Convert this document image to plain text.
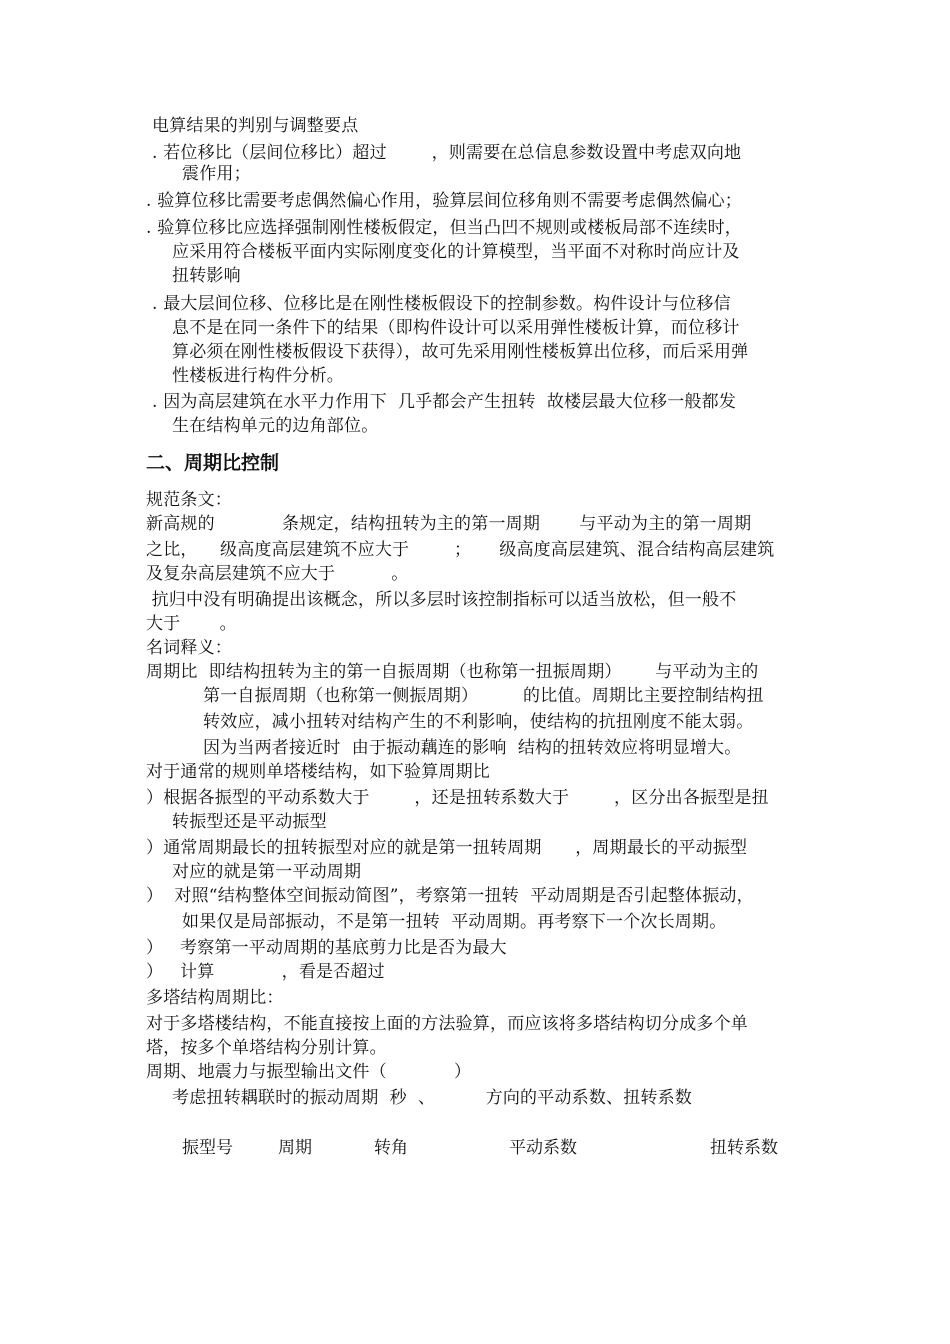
电算结果的判别与调整要点
. 若位移比（层间位移比）超过        ，则需要在总信息参数设置中考虑双向地
震作用；
. 验算位移比需要考虑偶然偏心作用，验算层间位移角则不需要考虑偶然偏心；
. 验算位移比应选择强制刚性楼板假定，但当凸凹不规则或楼板局部不连续时，
应采用符合楼板平面内实际刚度变化的计算模型，当平面不对称时尚应计及
扭转影响
. 最大层间位移、位移比是在刚性楼板假设下的控制参数。构件设计与位移信
息不是在同一条件下的结果（即构件设计可以采用弹性楼板计算，而位移计
算必须在刚性楼板假设下获得），故可先采用刚性楼板算出位移，而后采用弹
性楼板进行构件分析。
. 因为高层建筑在水平力作用下  几乎都会产生扭转  故楼层最大位移一般都发
生在结构单元的边角部位。
二、周期比控制
规范条文：
新高规的            条规定，结构扭转为主的第一周期       与平动为主的第一周期
之比，    级高度高层建筑不应大于        ；     级高度高层建筑、混合结构高层建筑
及复杂高层建筑不应大于          。
抗归中没有明确提出该概念，所以多层时该控制指标可以适当放松，但一般不
大于       。
名词释义：
周期比  即结构扭转为主的第一自振周期（也称第一扭振周期）      与平动为主的
第一自振周期（也称第一侧振周期）        的比值。周期比主要控制结构扭
转效应，减小扭转对结构产生的不利影响，使结构的抗扭刚度不能太弱。
因为当两者接近时  由于振动藕连的影响  结构的扭转效应将明显增大。
对于通常的规则单塔楼结构，如下验算周期比
）根据各振型的平动系数大于        ，还是扭转系数大于        ，区分出各振型是扭
转振型还是平动振型
）通常周期最长的扭转振型对应的就是第一扭转周期      ，周期最长的平动振型
对应的就是第一平动周期
）  对照“结构整体空间振动简图”，考察第一扭转  平动周期是否引起整体振动，
如果仅是局部振动，不是第一扭转  平动周期。再考察下一个次长周期。
）   考察第一平动周期的基底剪力比是否为最大
）   计算            ，看是否超过
多塔结构周期比：
对于多塔楼结构，不能直接按上面的方法验算，而应该将多塔结构切分成多个单
塔，按多个单塔结构分别计算。
周期、地震力与振型输出文件（            ）
考虑扭转耦联时的振动周期  秒  、         方向的平动系数、扭转系数
振型号	周期	转角	平动系数	扭转系数
